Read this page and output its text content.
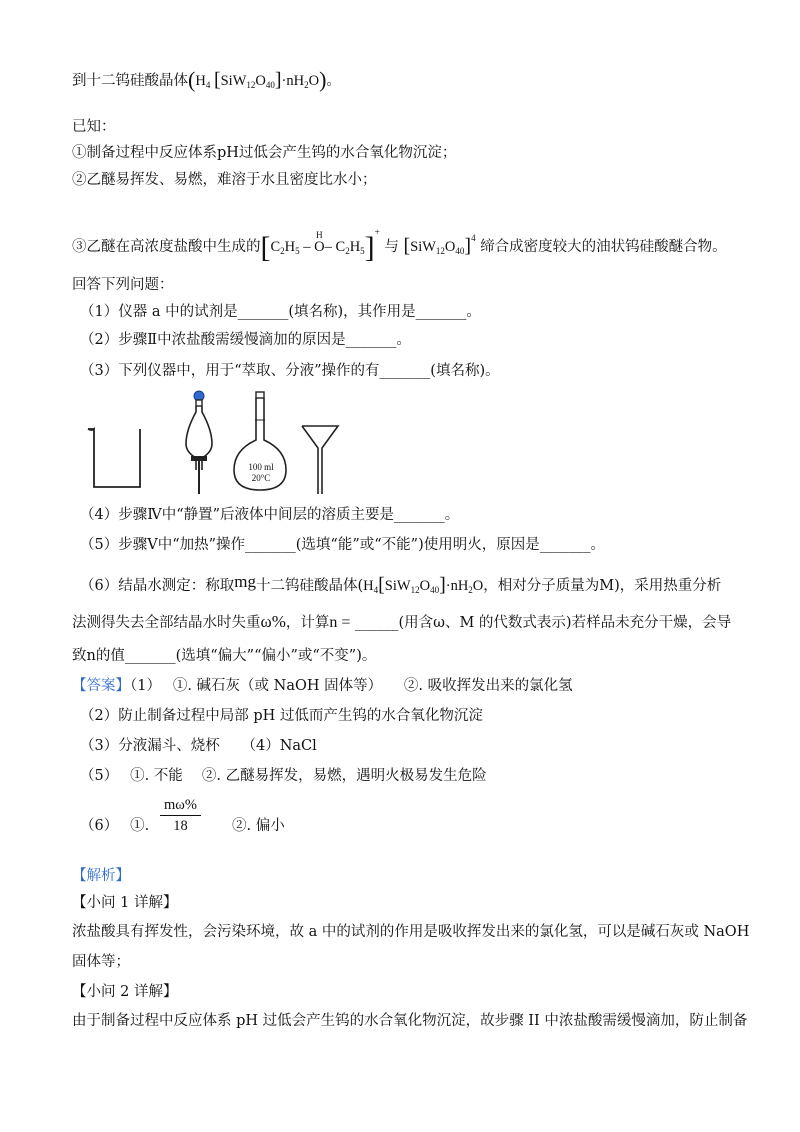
到十二钨硅酸晶体($H_4$ $[SiW_{12}O_{40}]\cdot nH_2O$)。
已知：
①制备过程中反应体系pH过低会产生钨的水合氧化物沉淀；
②乙醚易挥发、易燃，难溶于水且密度比水小；
③乙醚在高浓度盐酸中生成的[$C_2H_5$ – O
H
– $C_2H_5]^+$ 与 $[SiW_{12}O_{40}]^4$ 缔合成密度较大的油状钨硅酸醚合物。
回答下列问题：
（1）仪器 a 中的试剂是_______(填名称)，其作用是_______。
（2）步骤Ⅱ中浓盐酸需缓慢滴加的原因是_______。
（3）下列仪器中，用于“萃取、分液”操作的有_______(填名称)。
100 ml
20°C
（4）步骤Ⅳ中“静置”后液体中间层的溶质主要是_______。
（5）步骤Ⅴ中“加热”操作_______(选填“能”或“不能”)使用明火，原因是_______。
（6）结晶水测定：称取mg十二钨硅酸晶体($H_4[SiW_{12}O_{40}]\cdot nH_2O$，相对分子质量为M)，采用热重分析
法测得失去全部结晶水时失重ω%，计算n = ______(用含ω、M 的代数式表示)若样品未充分干燥，会导
致n的值_______(选填“偏大”“偏小”或“不变”)。
【答案】（1）　 ①. 碱石灰（或 NaOH 固体等）　　②. 吸收挥发出来的氯化氢
（2）防止制备过程中局部 pH 过低而产生钨的水合氧化物沉淀
（3）分液漏斗、烧杯　　（4）NaCl
（5）　 ①. 不能　 ②. 乙醚易挥发，易燃，遇明火极易发生危险
（6）　 ①. $\frac{m\omega\%}{18}$ ②. 偏小
【解析】
【小问 1 详解】
浓盐酸具有挥发性，会污染环境，故 a 中的试剂的作用是吸收挥发出来的氯化氢，可以是碱石灰或 NaOH
固体等；
【小问 2 详解】
由于制备过程中反应体系 pH 过低会产生钨的水合氧化物沉淀，故步骤 II 中浓盐酸需缓慢滴加，防止制备
